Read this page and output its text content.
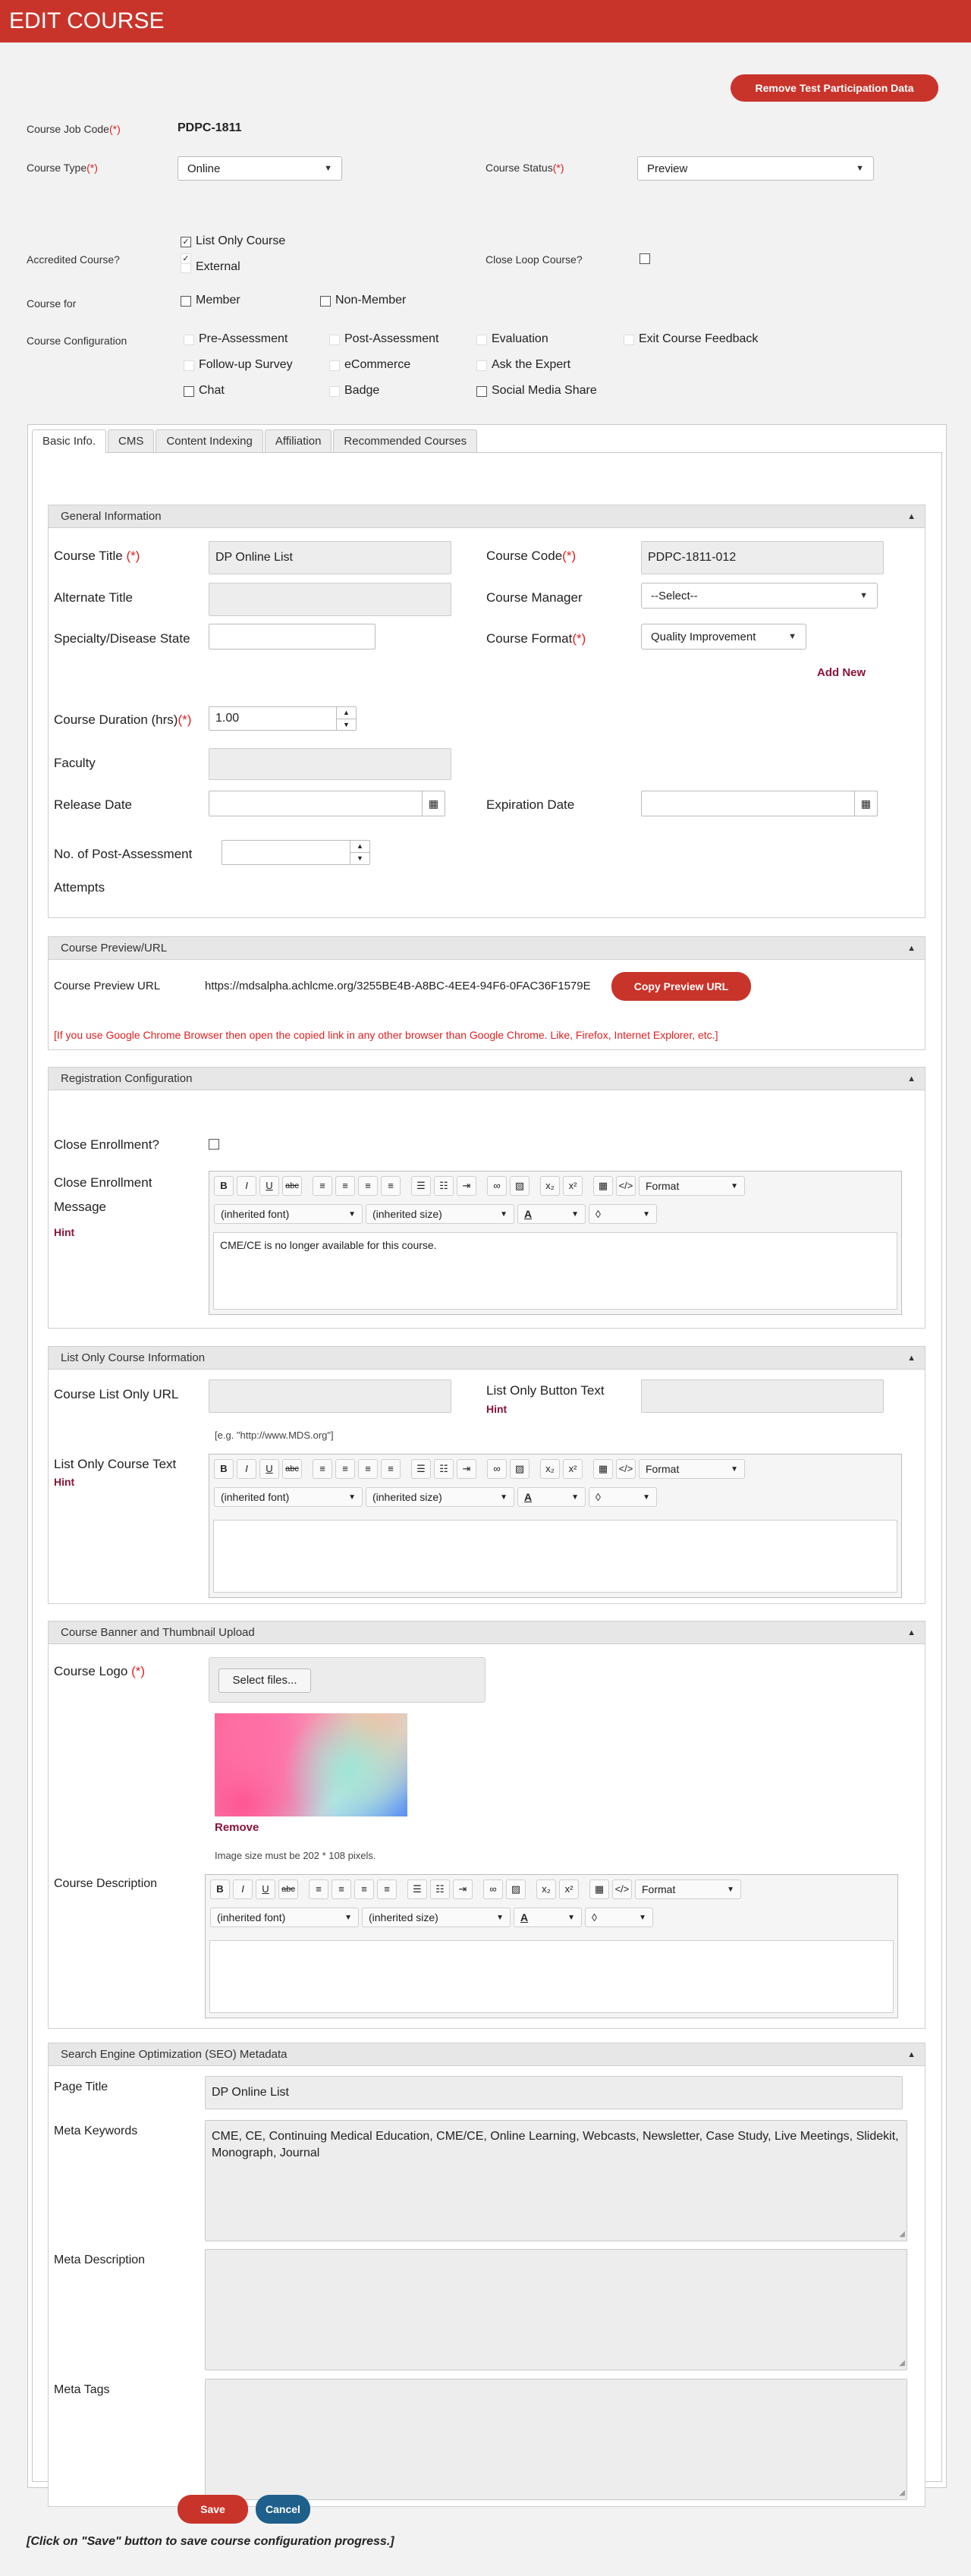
EDIT COURSE
Remove Test Participation Data
Course Job Code(*)	PDPC-1811
Course Type(*)	Online	▼
✓ List Only Course
External
Course Status(*)	Preview	▼
Accredited Course?	✓	Close Loop Course?
Course for	Member	Non-Member
Course Configuration	Pre-Assessment	Post-Assessment	Evaluation	Exit Course Feedback
Follow-up Survey	eCommerce	Ask the Expert
Chat	Badge	Social Media Share
Basic Info.	CMS	Content Indexing	Affiliation	Recommended Courses
General Information	▲
Course Title (*)	DP Online List	Course Code(*)	PDPC-1811-012
Alternate Title	Course Manager	--Select--	▼
Specialty/Disease State	Course Format(*)	Quality Improvement	▼
Add New
Course Duration (hrs)(*) 1.00	▲
▼
Faculty
Release Date	▦	Expiration Date	▦
No. of Post-Assessment
Attempts
▲
▼
Course Preview/URL	▲
Course Preview URL	https://mdsalpha.achlcme.org/3255BE4B-A8BC-4EE4-94F6-0FAC36F1579E	Copy Preview URL
[If you use Google Chrome Browser then open the copied link in any other browser than Google Chrome. Like, Firefox, Internet Explorer, etc.]
Registration Configuration	▲
Close Enrollment?
Close Enrollment
Message
Hint
B	I	U	abc	≡	≡	≡	≡	☰	☷	⇥	∞	▨	x₂	x²	▦	</> Format	▼
(inherited font)	▼ (inherited size)	▼ A	▼ ◊	▼
CME/CE is no longer available for this course.
List Only Course Information	▲
Course List Only URL
[e.g. "http://www.MDS.org"]
List Only Button Text
Hint
List Only Course Text
Hint
B	I	U	abc	≡	≡	≡	≡	☰	☷	⇥	∞	▨	x₂	x²	▦	</> Format	▼
(inherited font)	▼ (inherited size)	▼ A	▼ ◊	▼
Course Banner and Thumbnail Upload	▲
Course Logo (*)
Select files...
Remove
Image size must be 202 * 108 pixels.
Course Description	B	I	U	abc	≡	≡	≡	≡	☰	☷	⇥	∞	▨	x₂	x²	▦	</> Format	▼
(inherited font)	▼ (inherited size)	▼ A	▼ ◊	▼
Search Engine Optimization (SEO) Metadata	▲
Page Title	DP Online List
Meta Keywords	CME, CE, Continuing Medical Education, CME/CE, Online Learning, Webcasts, Newsletter, Case Study, Live Meetings, Slidekit, Monograph, Journal
◢
Meta Description
◢
Meta Tags
◢
Save	Cancel
[Click on "Save" button to save course configuration progress.]
